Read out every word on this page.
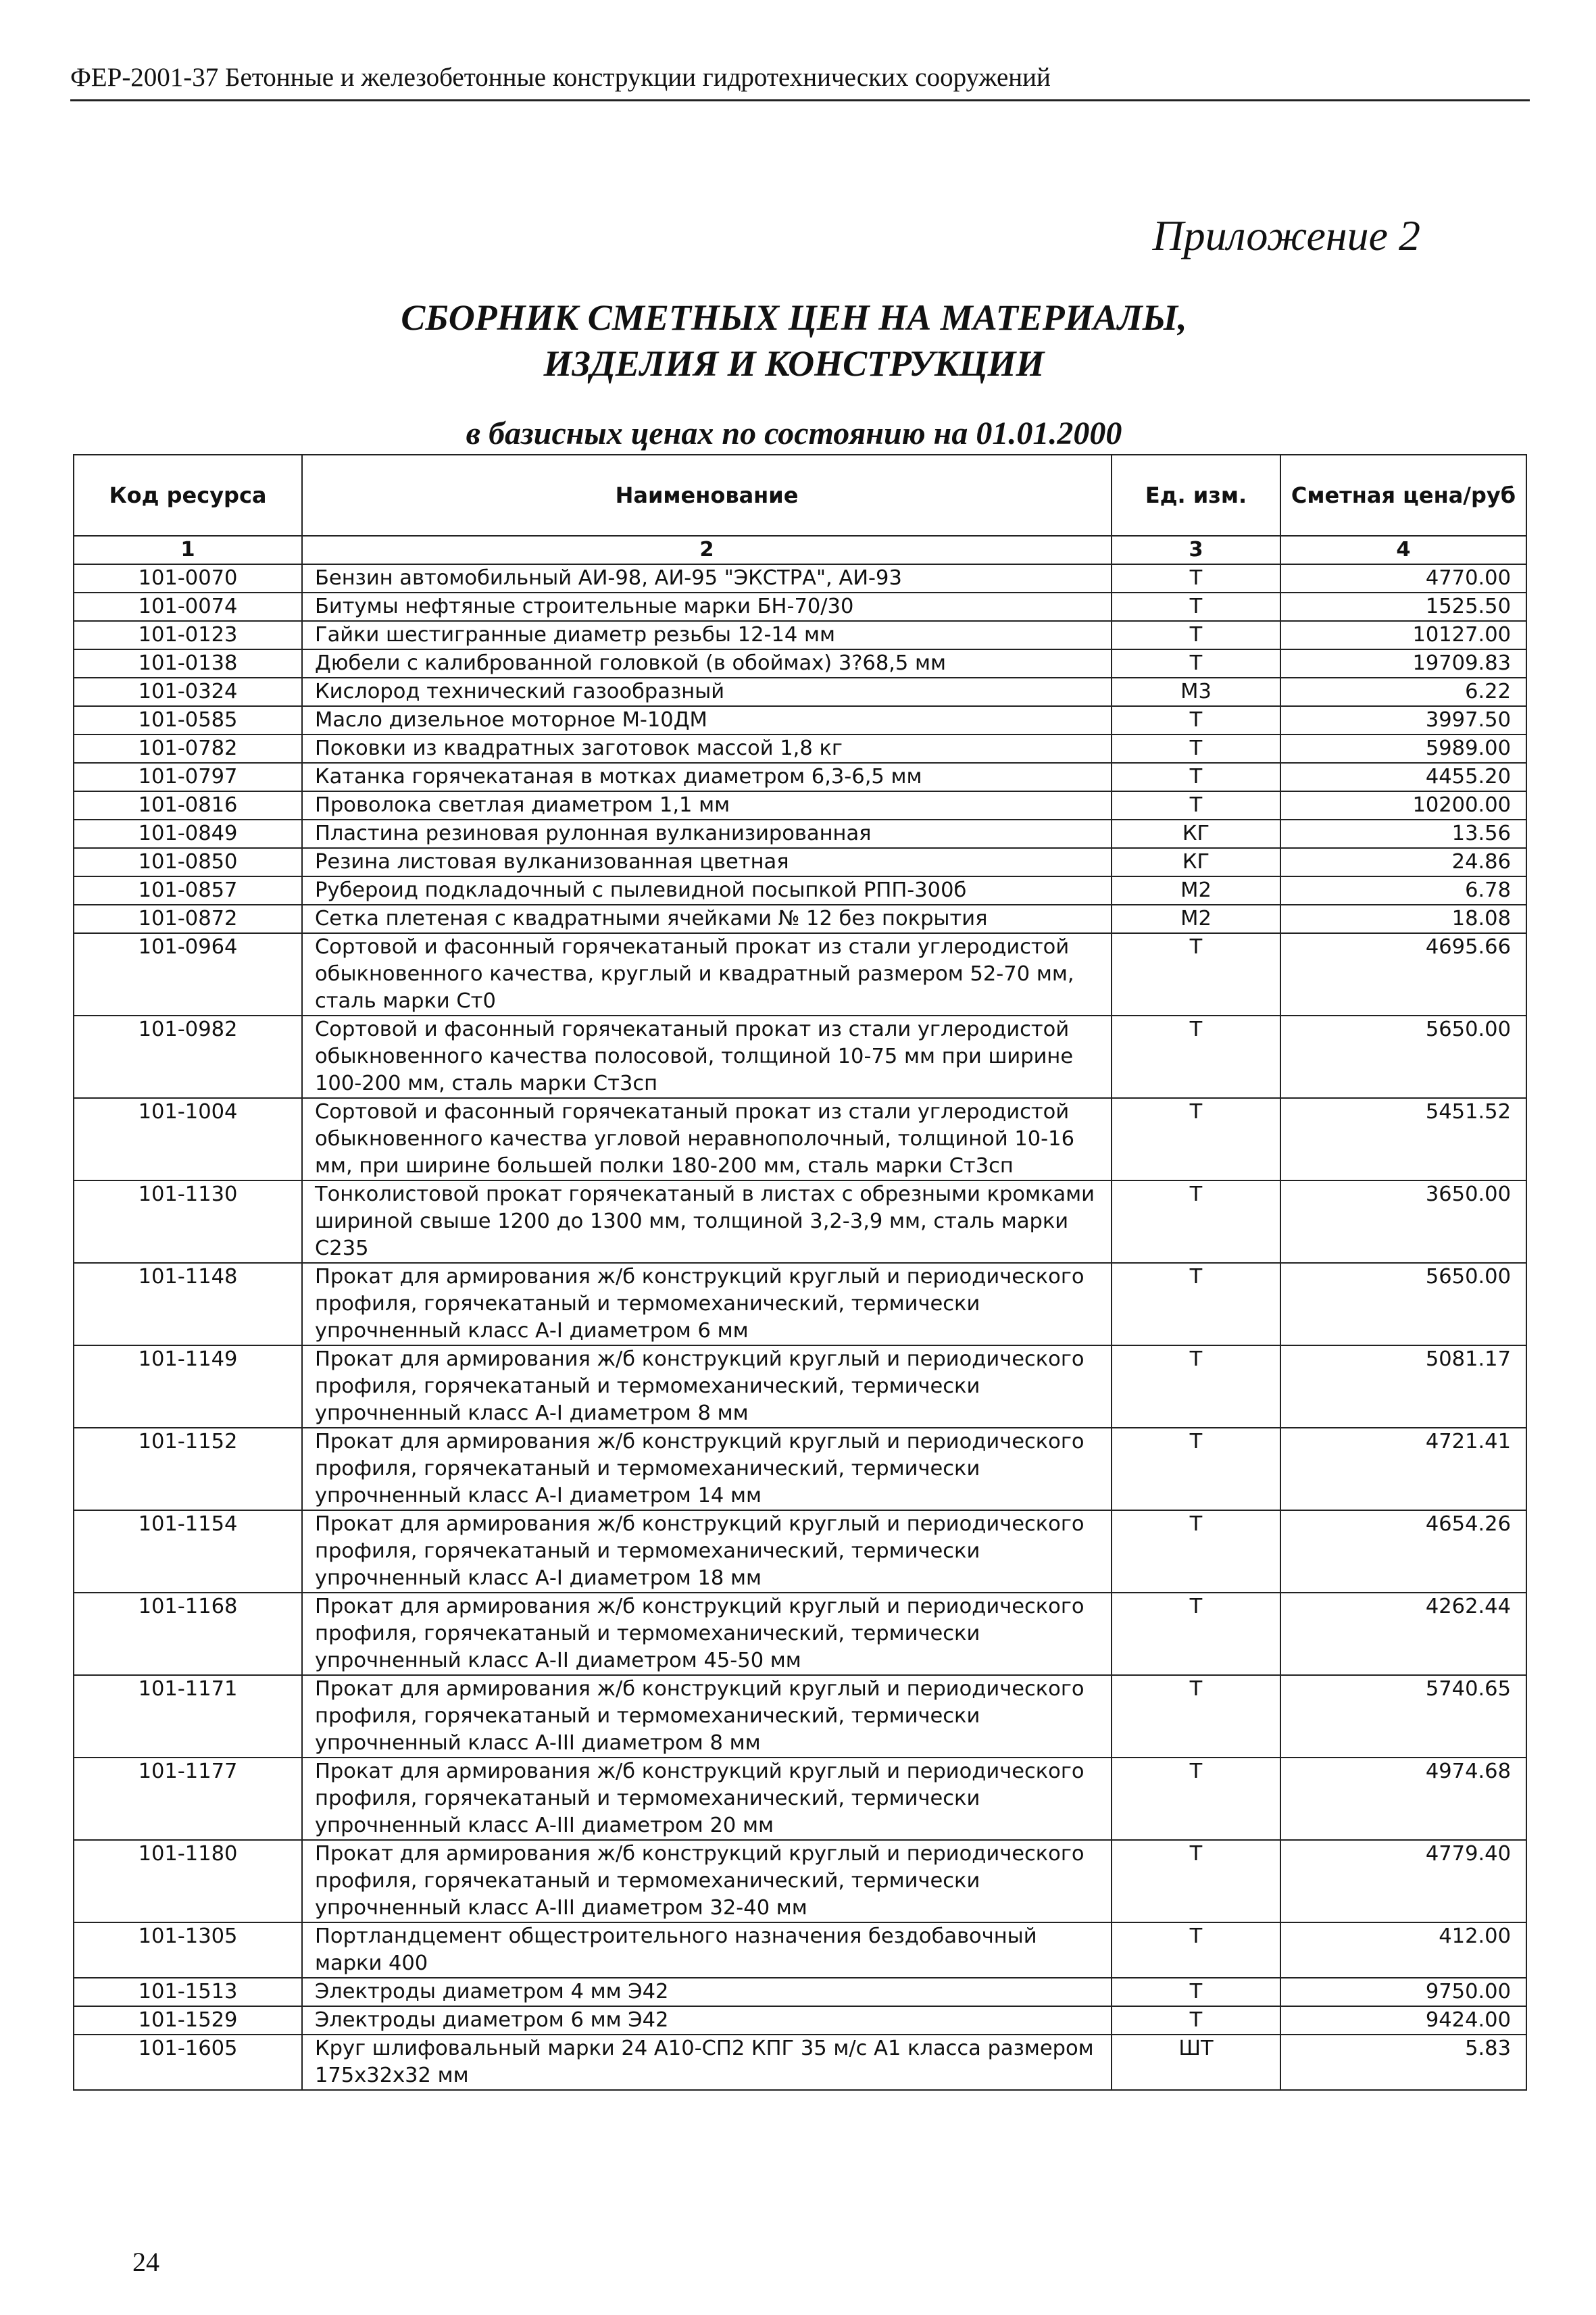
ФЕР-2001-37 Бетонные и железобетонные конструкции гидротехнических сооружений
Приложение 2
СБОРНИК СМЕТНЫХ ЦЕН НА МАТЕРИАЛЫ,
ИЗДЕЛИЯ И КОНСТРУКЦИИ
в базисных ценах по состоянию на 01.01.2000
Код ресурса	Наименование	Ед. изм.	Сметная цена/руб
1	2	3	4
101-0070	Бензин автомобильный АИ-98, АИ-95 "ЭКСТРА", АИ-93	Т	4770.00
101-0074	Битумы нефтяные строительные марки БН-70/30	Т	1525.50
101-0123	Гайки шестигранные диаметр резьбы 12-14 мм	Т	10127.00
101-0138	Дюбели с калиброванной головкой (в обоймах) 3?68,5 мм	Т	19709.83
101-0324	Кислород технический газообразный	М3	6.22
101-0585	Масло дизельное моторное М-10ДМ	Т	3997.50
101-0782	Поковки из квадратных заготовок массой 1,8 кг	Т	5989.00
101-0797	Катанка горячекатаная в мотках диаметром 6,3-6,5 мм	Т	4455.20
101-0816	Проволока светлая диаметром 1,1 мм	Т	10200.00
101-0849	Пластина резиновая рулонная вулканизированная	КГ	13.56
101-0850	Резина листовая вулканизованная цветная	КГ	24.86
101-0857	Рубероид подкладочный с пылевидной посыпкой РПП-300б	М2	6.78
101-0872	Сетка плетеная с квадратными ячейками № 12 без покрытия	М2	18.08
101-0964	Сортовой и фасонный горячекатаный прокат из стали углеродистой обыкновенного качества, круглый и квадратный размером 52-70 мм, сталь марки Ст0	Т	4695.66
101-0982	Сортовой и фасонный горячекатаный прокат из стали углеродистой обыкновенного качества полосовой, толщиной 10-75 мм при ширине 100-200 мм, сталь марки Ст3сп	Т	5650.00
101-1004	Сортовой и фасонный горячекатаный прокат из стали углеродистой обыкновенного качества угловой неравнополочный, толщиной 10-16 мм, при ширине большей полки 180-200 мм, сталь марки Ст3сп	Т	5451.52
101-1130	Тонколистовой прокат горячекатаный в листах с обрезными кромками шириной свыше 1200 до 1300 мм, толщиной 3,2-3,9 мм, сталь марки С235	Т	3650.00
101-1148	Прокат для армирования ж/б конструкций круглый и периодического профиля, горячекатаный и термомеханический, термически упрочненный класс А-I диаметром 6 мм	Т	5650.00
101-1149	Прокат для армирования ж/б конструкций круглый и периодического профиля, горячекатаный и термомеханический, термически упрочненный класс А-I диаметром 8 мм	Т	5081.17
101-1152	Прокат для армирования ж/б конструкций круглый и периодического профиля, горячекатаный и термомеханический, термически упрочненный класс А-I диаметром 14 мм	Т	4721.41
101-1154	Прокат для армирования ж/б конструкций круглый и периодического профиля, горячекатаный и термомеханический, термически упрочненный класс А-I диаметром 18 мм	Т	4654.26
101-1168	Прокат для армирования ж/б конструкций круглый и периодического профиля, горячекатаный и термомеханический, термически упрочненный класс А-II диаметром 45-50 мм	Т	4262.44
101-1171	Прокат для армирования ж/б конструкций круглый и периодического профиля, горячекатаный и термомеханический, термически упрочненный класс А-III диаметром 8 мм	Т	5740.65
101-1177	Прокат для армирования ж/б конструкций круглый и периодического профиля, горячекатаный и термомеханический, термически упрочненный класс А-III диаметром 20 мм	Т	4974.68
101-1180	Прокат для армирования ж/б конструкций круглый и периодического профиля, горячекатаный и термомеханический, термически упрочненный класс А-III диаметром 32-40 мм	Т	4779.40
101-1305	Портландцемент общестроительного назначения бездобавочный марки 400	Т	412.00
101-1513	Электроды диаметром 4 мм Э42	Т	9750.00
101-1529	Электроды диаметром 6 мм Э42	Т	9424.00
101-1605	Круг шлифовальный марки 24 А10-СП2 КПГ 35 м/с А1 класса размером 175х32х32 мм	ШТ	5.83
24
